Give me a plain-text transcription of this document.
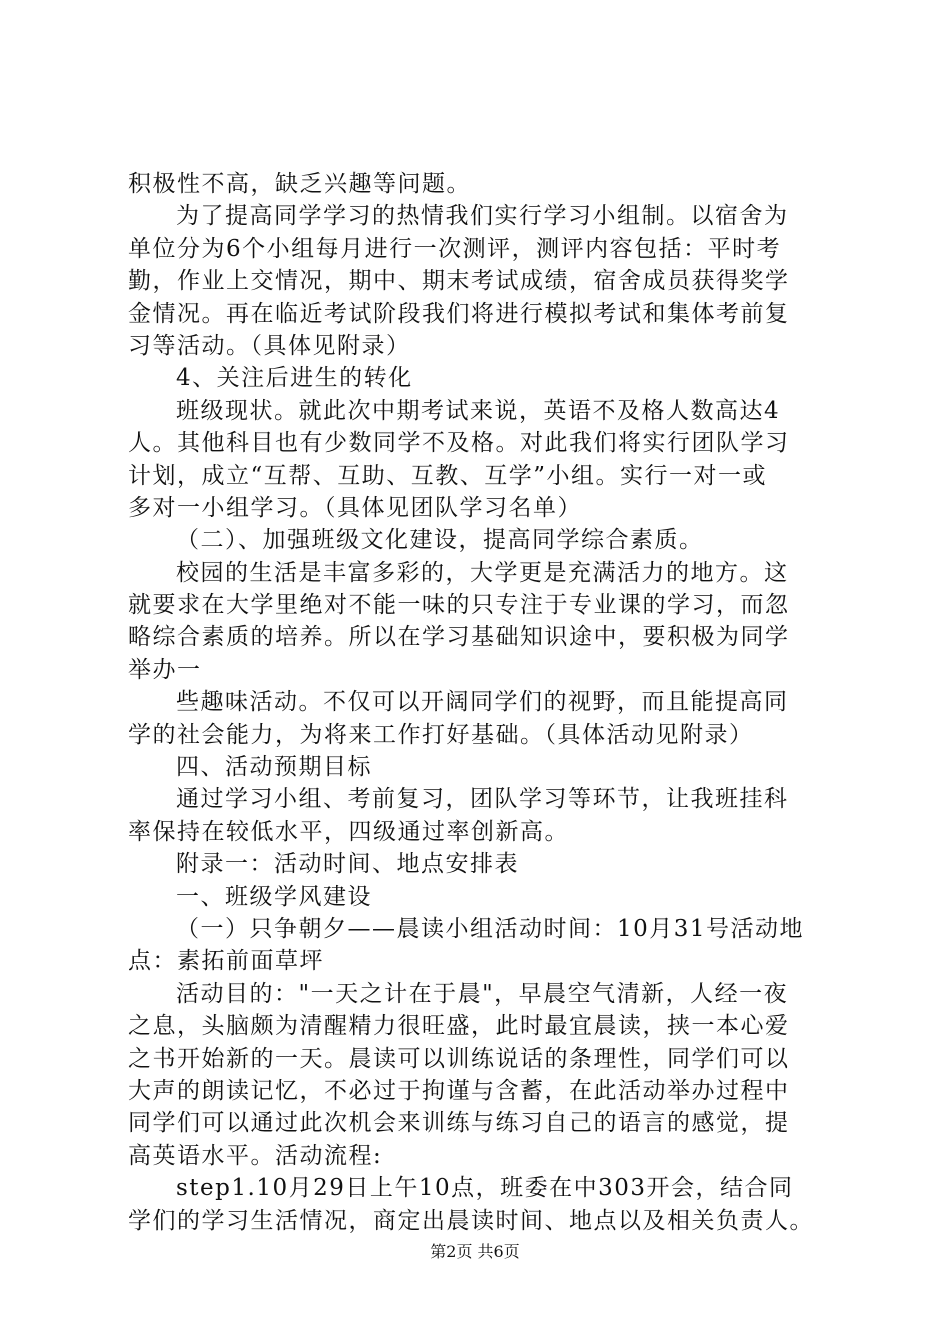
积极性不高，缺乏兴趣等问题。
为了提高同学学习的热情我们实行学习小组制。以宿舍为
单位分为6个小组每月进行一次测评，测评内容包括：平时考
勤，作业上交情况，期中、期末考试成绩，宿舍成员获得奖学
金情况。再在临近考试阶段我们将进行模拟考试和集体考前复
习等活动。（具体见附录）
4、关注后进生的转化
班级现状。就此次中期考试来说，英语不及格人数高达4
人。其他科目也有少数同学不及格。对此我们将实行团队学习
计划，成立“互帮、互助、互教、互学”小组。实行一对一或
多对一小组学习。（具体见团队学习名单）
（二）、加强班级文化建设，提高同学综合素质。
校园的生活是丰富多彩的，大学更是充满活力的地方。这
就要求在大学里绝对不能一味的只专注于专业课的学习，而忽
略综合素质的培养。所以在学习基础知识途中，要积极为同学
举办一
些趣味活动。不仅可以开阔同学们的视野，而且能提高同
学的社会能力，为将来工作打好基础。（具体活动见附录）
四、活动预期目标
通过学习小组、考前复习，团队学习等环节，让我班挂科
率保持在较低水平，四级通过率创新高。
附录一：活动时间、地点安排表
一、班级学风建设
（一）只争朝夕——晨读小组活动时间：10月31号活动地
点：素拓前面草坪
活动目的："一天之计在于晨"，早晨空气清新，人经一夜
之息，头脑颇为清醒精力很旺盛，此时最宜晨读，挟一本心爱
之书开始新的一天。晨读可以训练说话的条理性，同学们可以
大声的朗读记忆，不必过于拘谨与含蓄，在此活动举办过程中
同学们可以通过此次机会来训练与练习自己的语言的感觉，提
高英语水平。活动流程:
step1.10月29日上午10点，班委在中303开会，结合同
学们的学习生活情况，商定出晨读时间、地点以及相关负责人。
第2页 共6页
